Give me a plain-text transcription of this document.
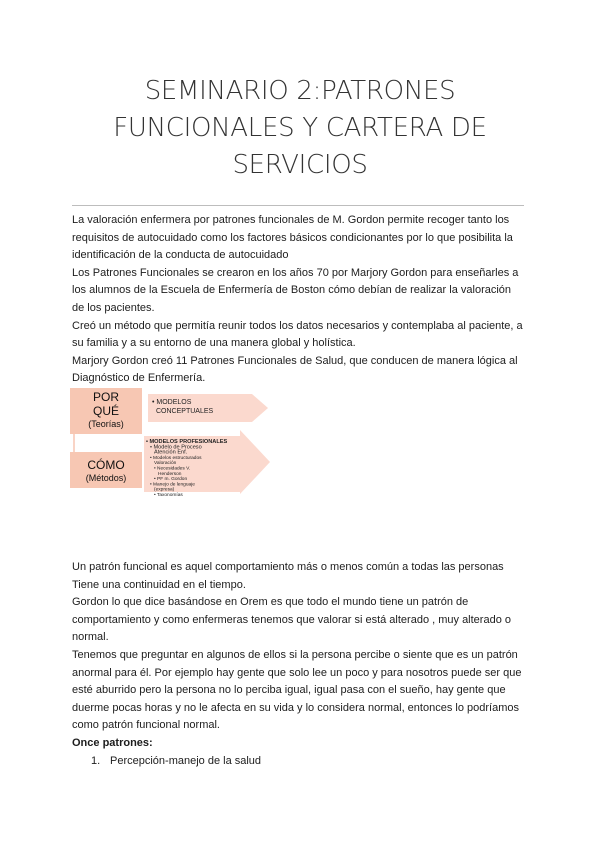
SEMINARIO 2:PATRONES
FUNCIONALES Y CARTERA DE
SERVICIOS

La valoración enfermera por patrones funcionales de M. Gordon permite recoger tanto los

requisitos de autocuidado como los factores básicos condicionantes por lo que posibilita la

identificación de la conducta de autocuidado

Los Patrones Funcionales se crearon en los años 70 por Marjory Gordon para enseñarles a

los alumnos de la Escuela de Enfermería de Boston cómo debían de realizar la valoración

de los pacientes.

Creó un método que permitía reunir todos los datos necesarios y contemplaba al paciente, a

su familia y a su entorno de una manera global y holística.

Marjory Gordon creó 11 Patrones Funcionales de Salud, que conducen de manera lógica al

Diagnóstico de Enfermería.

POR
QUÉ
(Teorías)
• MODELOS
CONCEPTUALES
CÓMO
(Métodos)
• MODELOS PROFESIONALES
• Modelo de Proceso
Atención Enf.
• Modelos estructurados
Valoración
• Necesidades V.
Henderson
• PF m. Gordon
• Manejo de lenguaje
(expresa)
• Taxonomías

Un patrón funcional es aquel comportamiento más o menos común a todas las personas

Tiene una continuidad en el tiempo.

Gordon lo que dice basándose en Orem es que todo el mundo tiene un patrón de

comportamiento y como enfermeras tenemos que valorar si está alterado , muy alterado o

normal.

Tenemos que preguntar en algunos de ellos si la persona percibe o siente que es un patrón

anormal para él. Por ejemplo hay gente que solo lee un poco y para nosotros puede ser que

esté aburrido pero la persona no lo perciba igual, igual pasa con el sueño, hay gente que

duerme pocas horas y no le afecta en su vida y lo considera normal, entonces lo podríamos

como patrón funcional normal.

Once patrones:

1. Percepción-manejo de la salud
